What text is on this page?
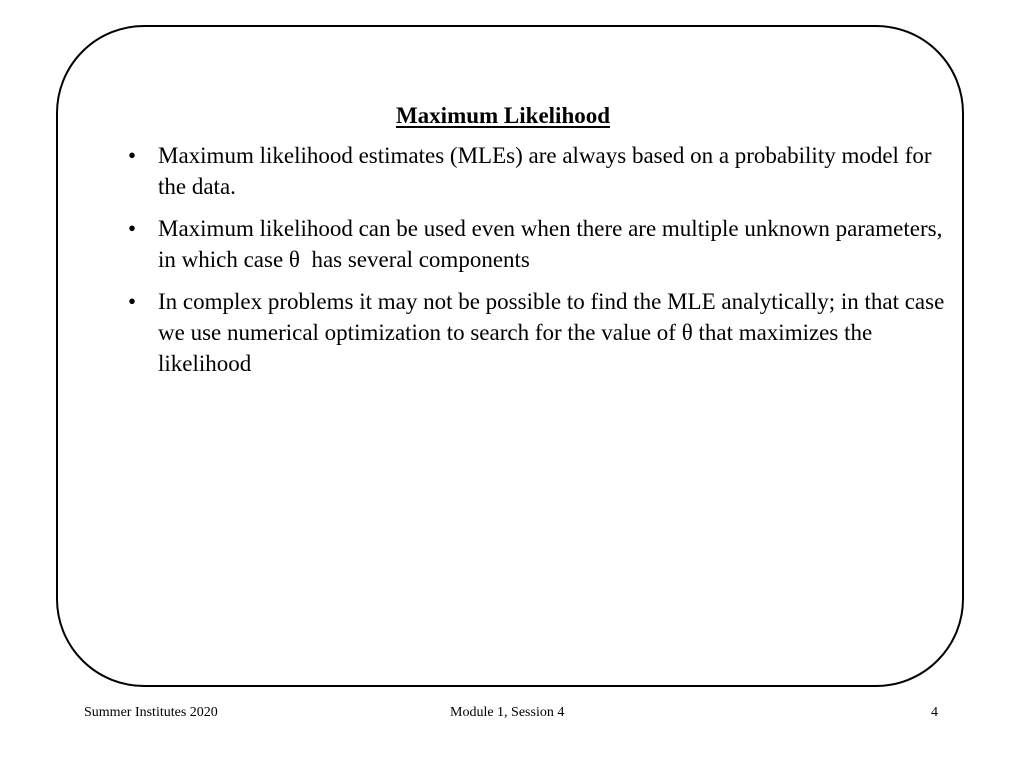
Maximum Likelihood
• Maximum likelihood estimates (MLEs) are always based on a probability model for the data.
• Maximum likelihood can be used even when there are multiple unknown parameters, in which case θ  has several components
• In complex problems it may not be possible to find the MLE analytically; in that case we use numerical optimization to search for the value of θ that maximizes the likelihood
Summer Institutes 2020	Module 1, Session 4	4
